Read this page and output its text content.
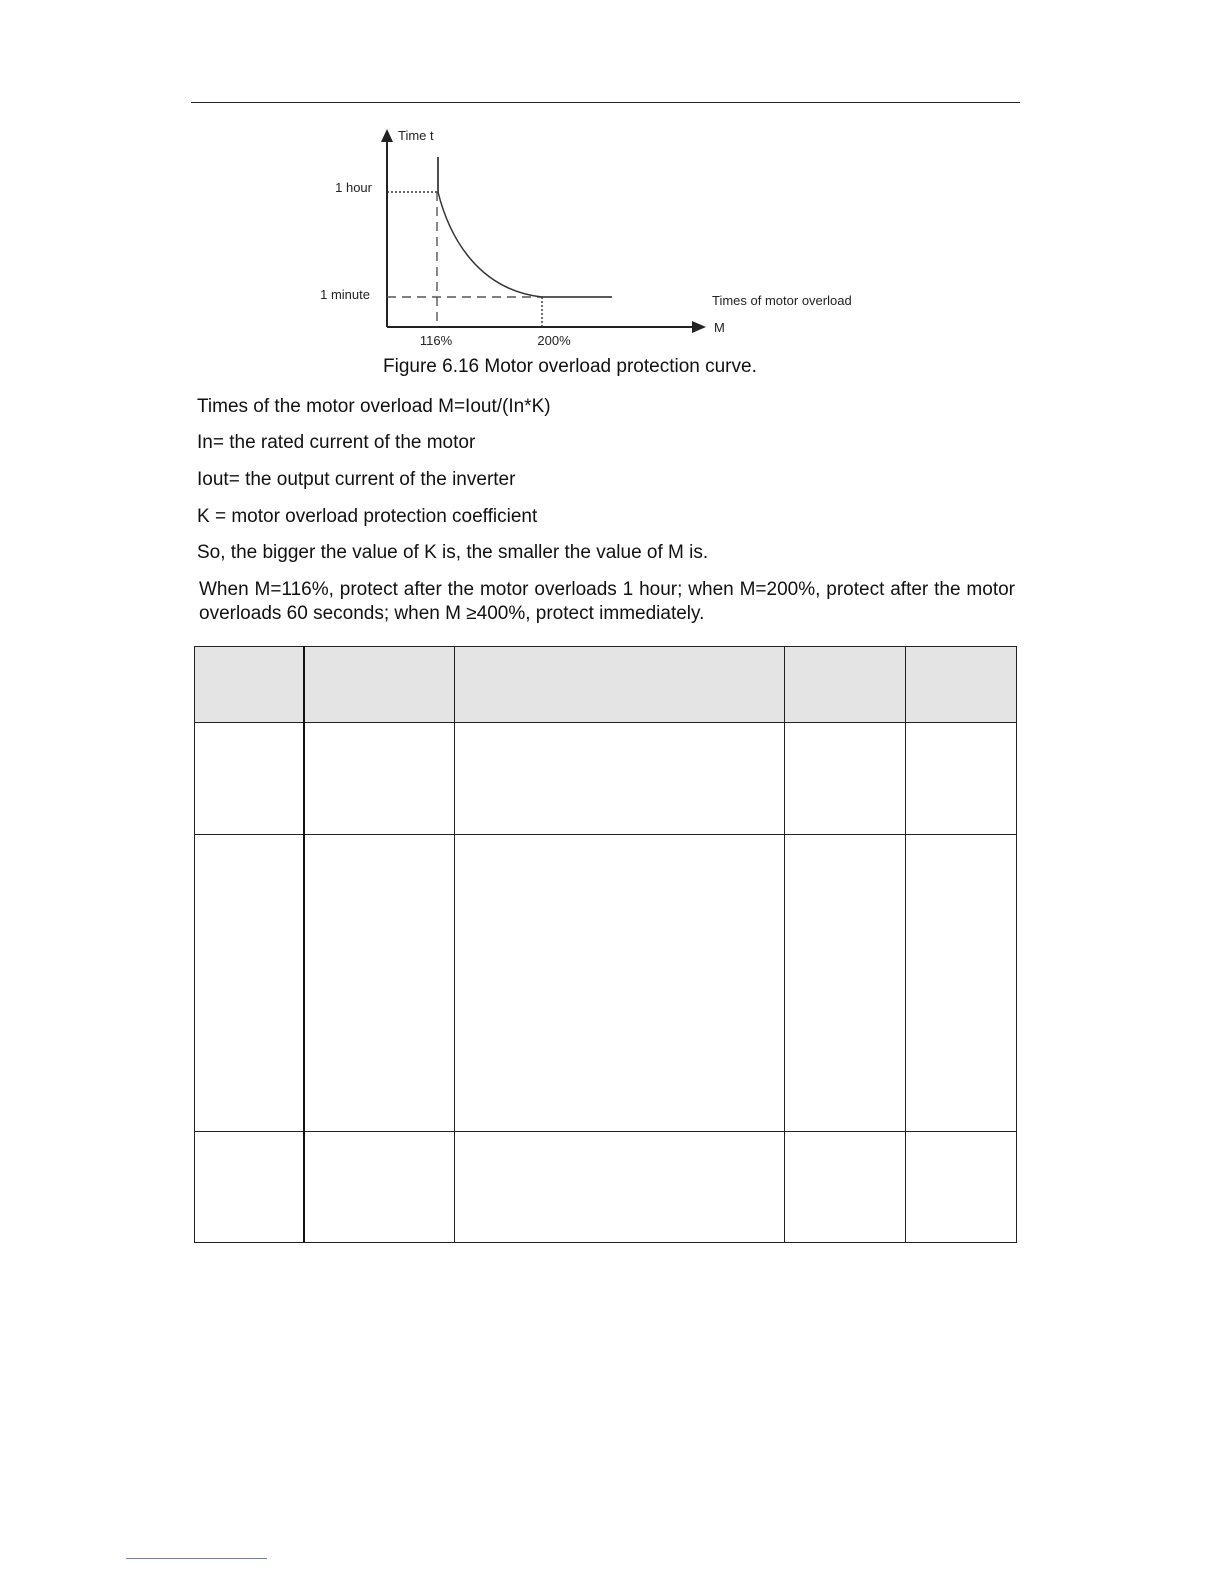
Time t
1 hour
1 minute
116%	200%
Times of motor overload
M
Figure 6.16 Motor overload protection curve.
Times of the motor overload M=Iout/(In*K)
In= the rated current of the motor
Iout= the output current of the inverter
K = motor overload protection coefficient
So, the bigger the value of K is, the smaller the value of M is.
When M=116%, protect after the motor overloads 1 hour; when M=200%, protect after the motor overloads 60 seconds; when M ≥400%, protect immediately.
